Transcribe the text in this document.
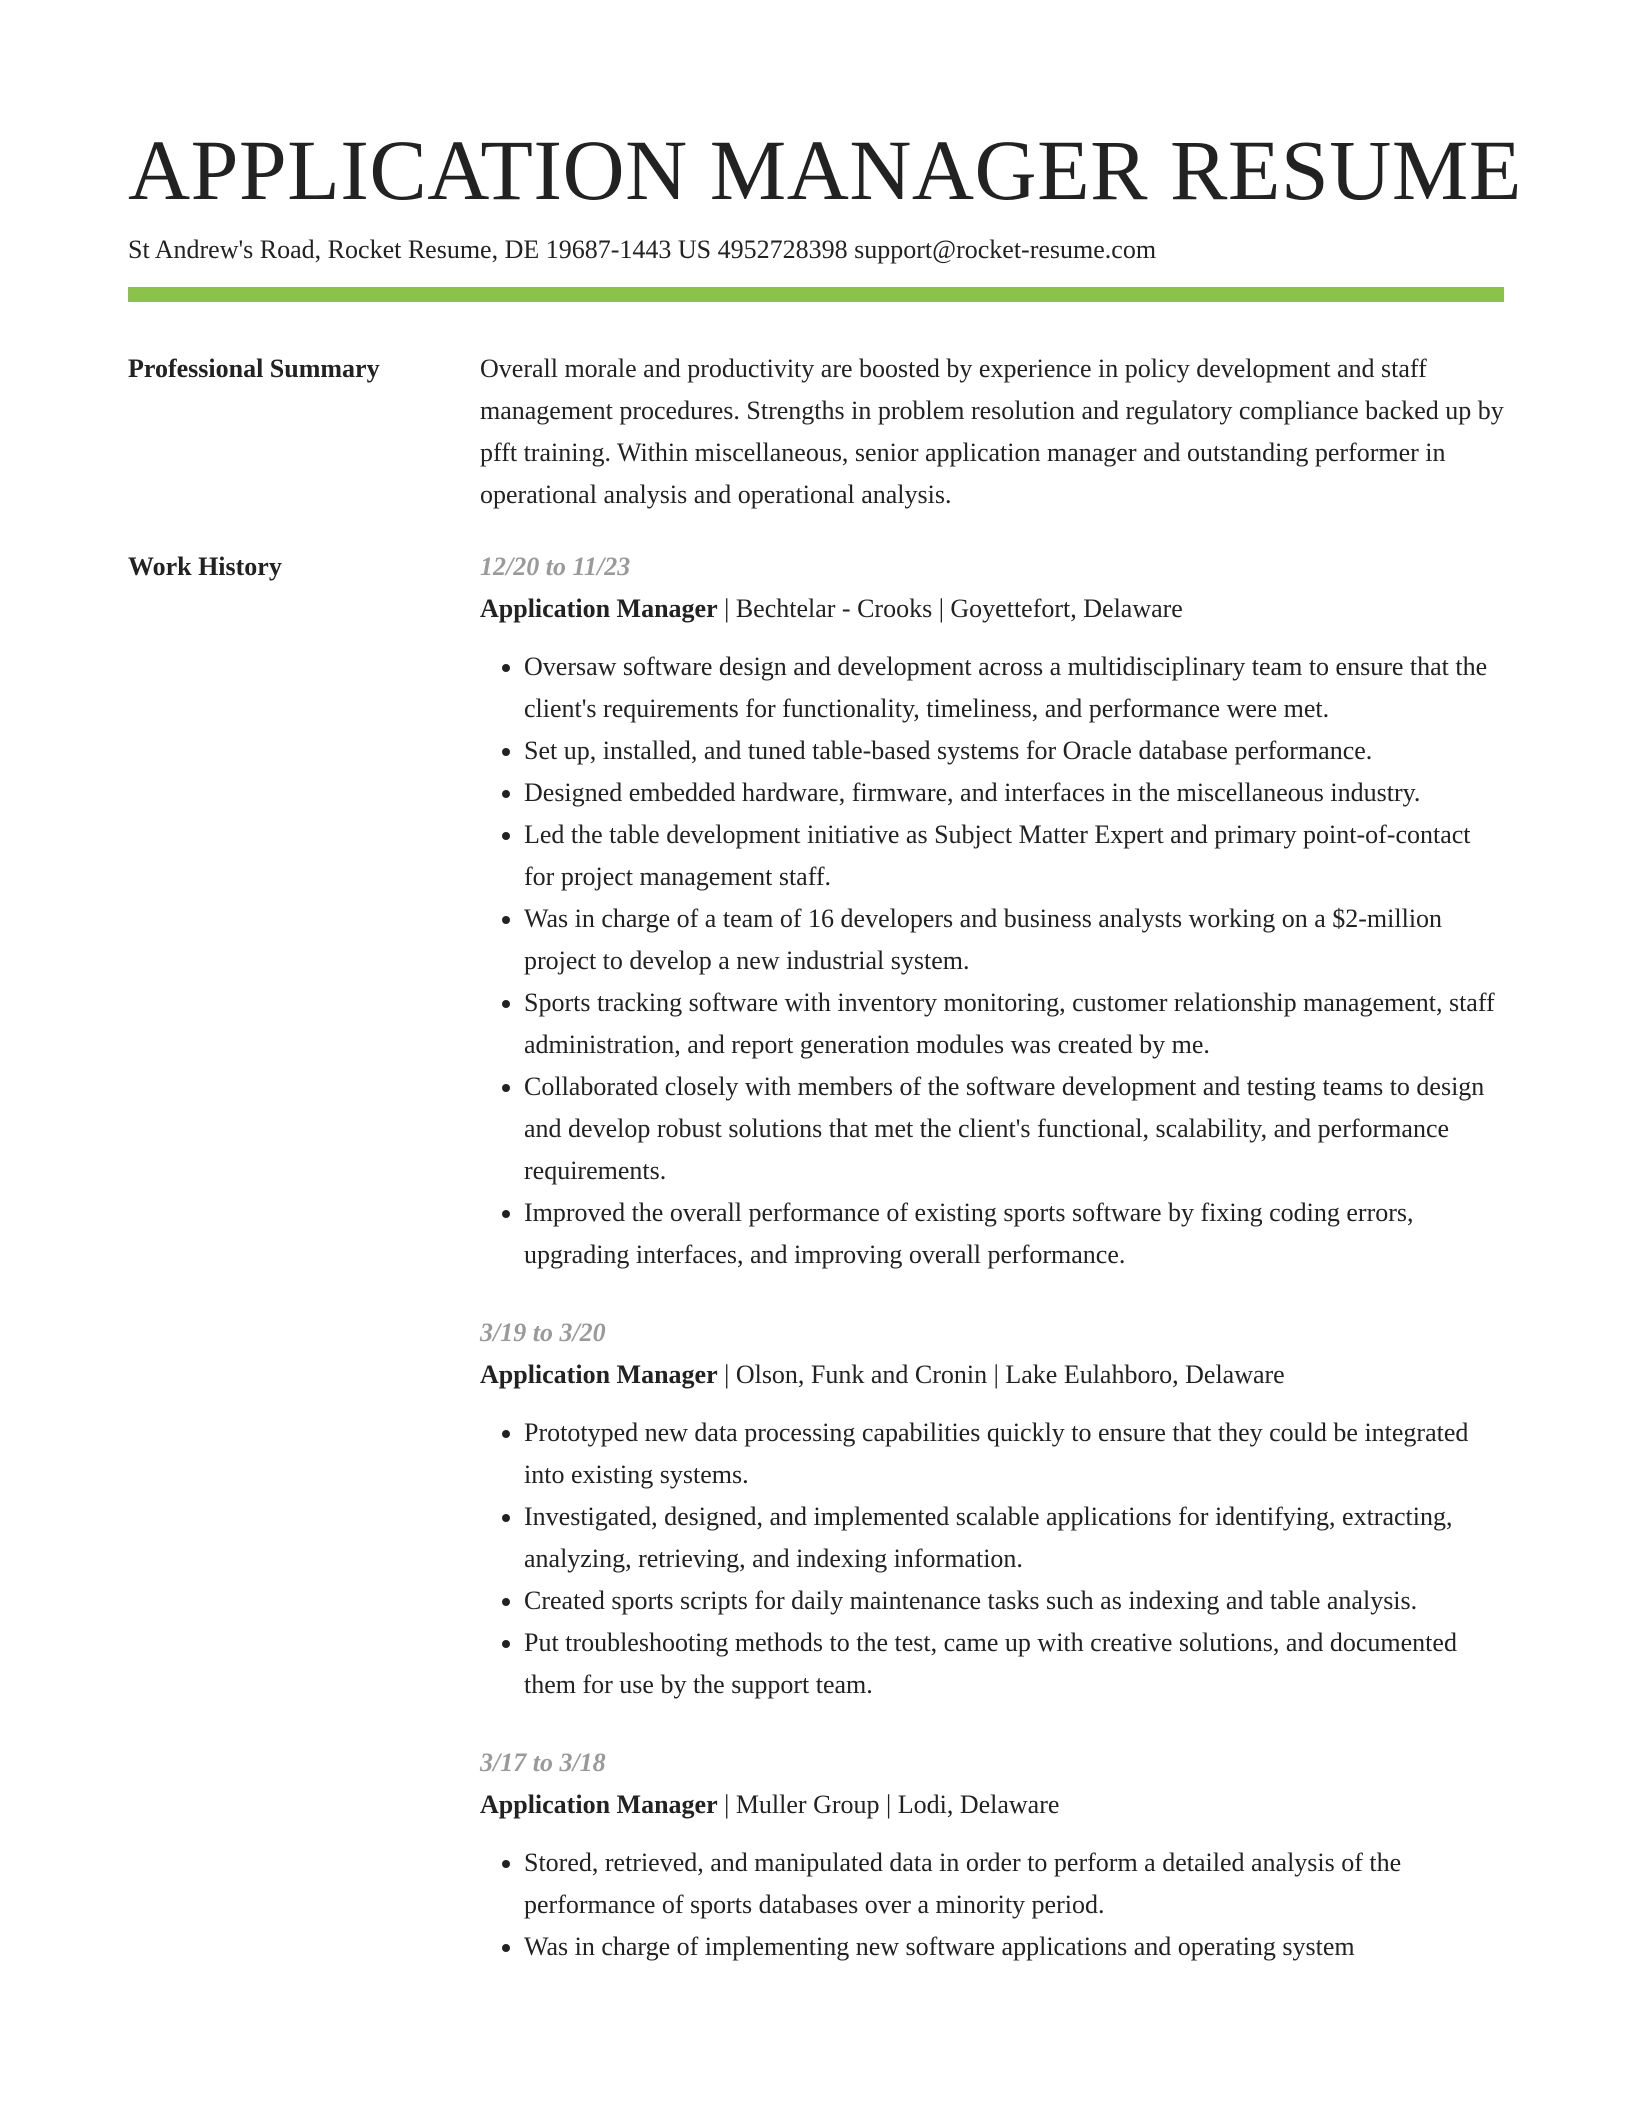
APPLICATION MANAGER RESUME
St Andrew's Road, Rocket Resume, DE 19687-1443 US 4952728398 support@rocket-resume.com
Professional Summary	Overall morale and productivity are boosted by experience in policy development and staff management procedures. Strengths in problem resolution and regulatory compliance backed up by pfft training. Within miscellaneous, senior application manager and outstanding performer in operational analysis and operational analysis.

Work History	12/20 to 11/23
Application Manager | Bechtelar - Crooks | Goyettefort, Delaware
• Oversaw software design and development across a multidisciplinary team to ensure that the client's requirements for functionality, timeliness, and performance were met.
• Set up, installed, and tuned table-based systems for Oracle database performance.
• Designed embedded hardware, firmware, and interfaces in the miscellaneous industry.
• Led the table development initiative as Subject Matter Expert and primary point-of-contact for project management staff.
• Was in charge of a team of 16 developers and business analysts working on a $2-million project to develop a new industrial system.
• Sports tracking software with inventory monitoring, customer relationship management, staff administration, and report generation modules was created by me.
• Collaborated closely with members of the software development and testing teams to design and develop robust solutions that met the client's functional, scalability, and performance requirements.
• Improved the overall performance of existing sports software by fixing coding errors, upgrading interfaces, and improving overall performance.
3/19 to 3/20
Application Manager | Olson, Funk and Cronin | Lake Eulahboro, Delaware
• Prototyped new data processing capabilities quickly to ensure that they could be integrated into existing systems.
• Investigated, designed, and implemented scalable applications for identifying, extracting, analyzing, retrieving, and indexing information.
• Created sports scripts for daily maintenance tasks such as indexing and table analysis.
• Put troubleshooting methods to the test, came up with creative solutions, and documented them for use by the support team.
3/17 to 3/18
Application Manager | Muller Group | Lodi, Delaware
• Stored, retrieved, and manipulated data in order to perform a detailed analysis of the performance of sports databases over a minority period.
• Was in charge of implementing new software applications and operating system
